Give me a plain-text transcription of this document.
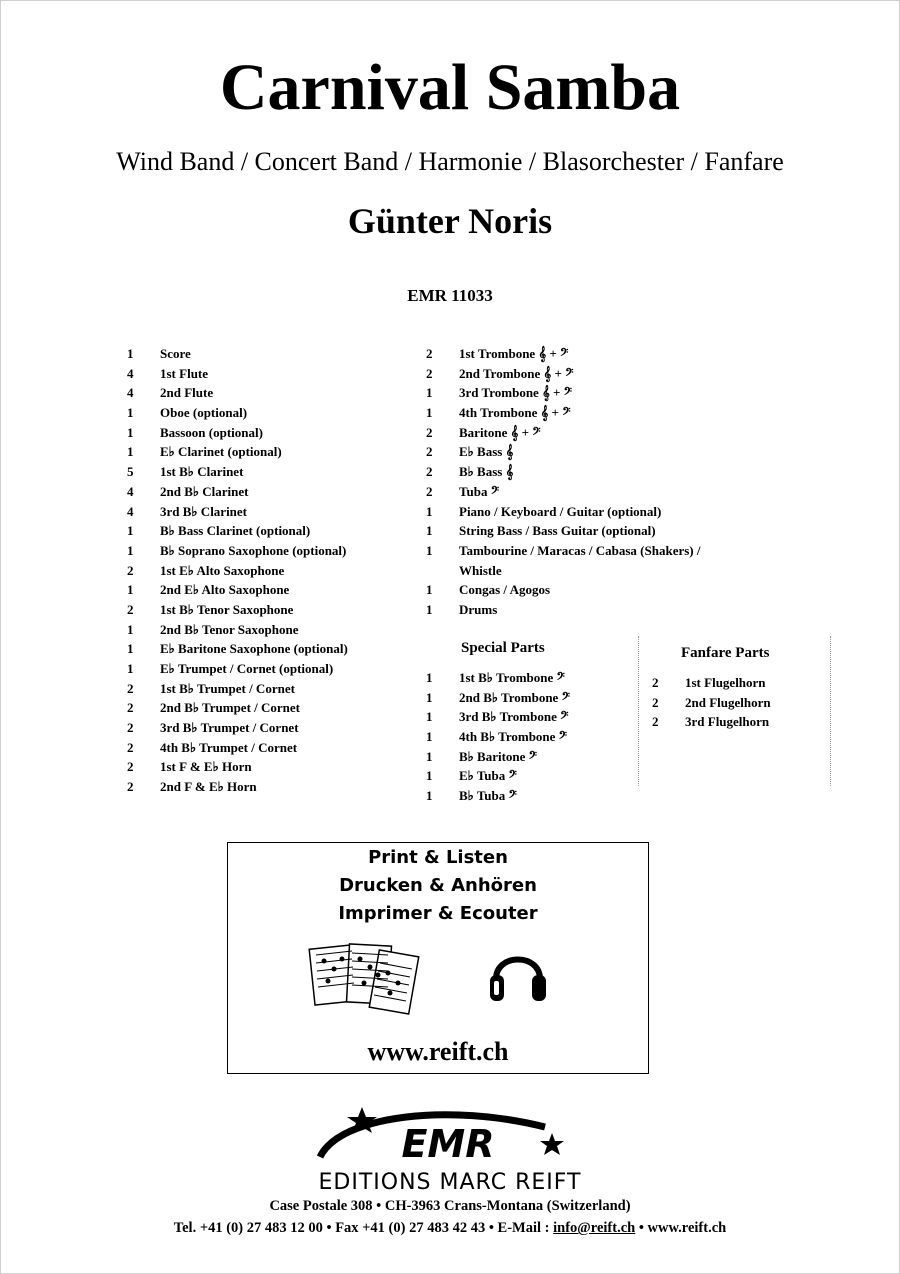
Carnival Samba
Wind Band / Concert Band / Harmonie / Blasorchester / Fanfare
Günter Noris
EMR 11033
1	Score
4	1st Flute
4	2nd Flute
1	Oboe (optional)
1	Bassoon (optional)
1	E♭ Clarinet (optional)
5	1st B♭ Clarinet
4	2nd B♭ Clarinet
4	3rd B♭ Clarinet
1	B♭ Bass Clarinet (optional)
1	B♭ Soprano Saxophone (optional)
2	1st E♭ Alto Saxophone
1	2nd E♭ Alto Saxophone
2	1st B♭ Tenor Saxophone
1	2nd B♭ Tenor Saxophone
1	E♭ Baritone Saxophone (optional)
1	E♭ Trumpet / Cornet (optional)
2	1st B♭ Trumpet / Cornet
2	2nd B♭ Trumpet / Cornet
2	3rd B♭ Trumpet / Cornet
2	4th B♭ Trumpet / Cornet
2	1st F & E♭ Horn
2	2nd F & E♭ Horn
2	1st Trombone 𝄞 + 𝄢
2	2nd Trombone 𝄞 + 𝄢
1	3rd Trombone 𝄞 + 𝄢
1	4th Trombone 𝄞 + 𝄢
2	Baritone 𝄞 + 𝄢
2	E♭ Bass 𝄞
2	B♭ Bass 𝄞
2	Tuba 𝄢
1	Piano / Keyboard / Guitar (optional)
1	String Bass / Bass Guitar (optional)
1	Tambourine / Maracas / Cabasa (Shakers) /
Whistle
1	Congas / Agogos
1	Drums
Special Parts
1	1st B♭ Trombone 𝄢
1	2nd B♭ Trombone 𝄢
1	3rd B♭ Trombone 𝄢
1	4th B♭ Trombone 𝄢
1	B♭ Baritone 𝄢
1	E♭ Tuba 𝄢
1	B♭ Tuba 𝄢
Fanfare Parts
2	1st Flugelhorn
2	2nd Flugelhorn
2	3rd Flugelhorn
Print & Listen
Drucken & Anhören
Imprimer & Ecouter
www.reift.ch
EMR
EDITIONS MARC REIFT
Case Postale 308 • CH-3963 Crans-Montana (Switzerland)
Tel. +41 (0) 27 483 12 00 • Fax +41 (0) 27 483 42 43 • E-Mail : info@reift.ch • www.reift.ch
